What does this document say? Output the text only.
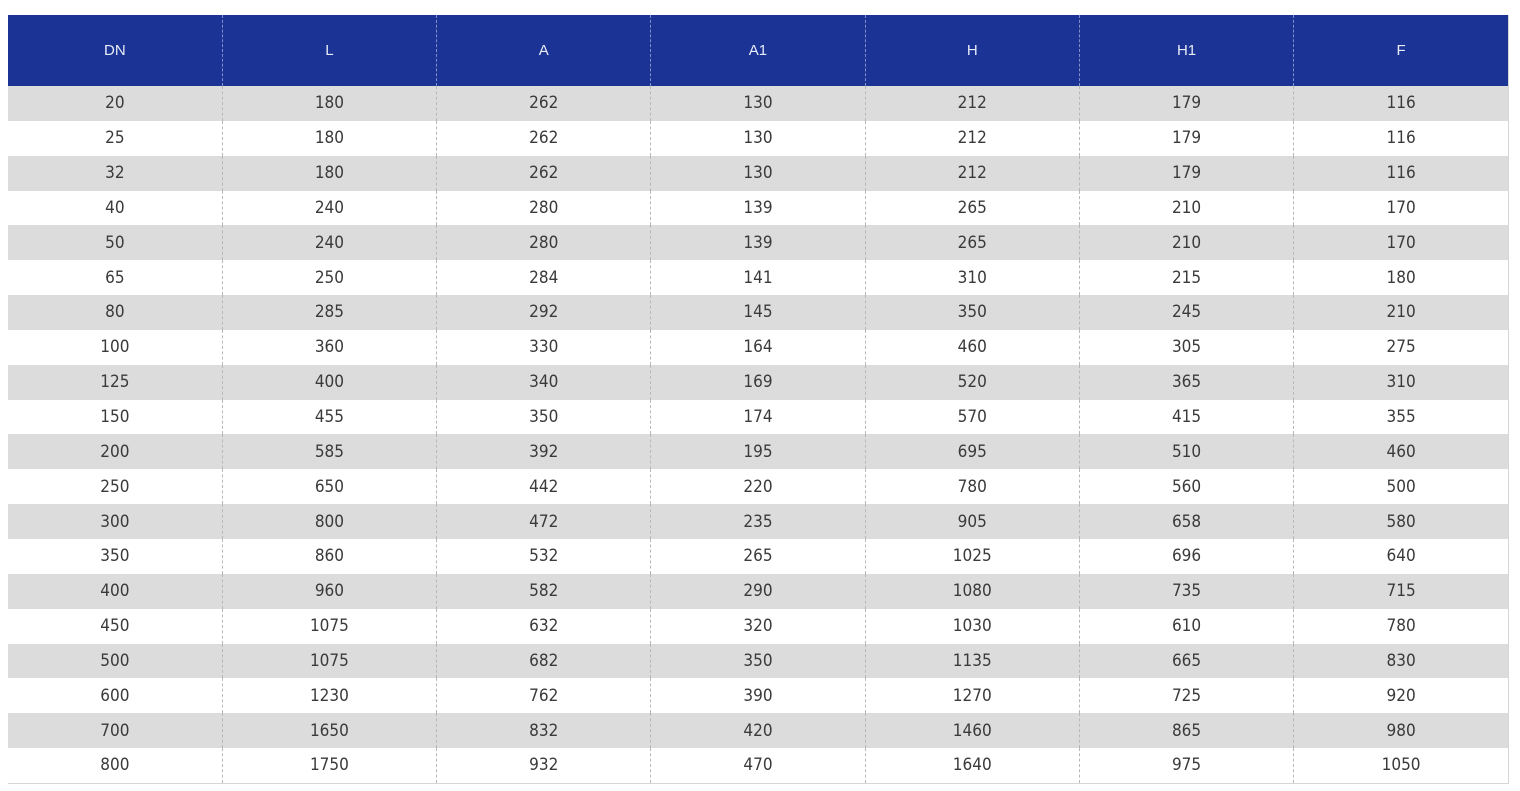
DN	L	A	A1	H	H1	F
20	180	262	130	212	179	116
25	180	262	130	212	179	116
32	180	262	130	212	179	116
40	240	280	139	265	210	170
50	240	280	139	265	210	170
65	250	284	141	310	215	180
80	285	292	145	350	245	210
100	360	330	164	460	305	275
125	400	340	169	520	365	310
150	455	350	174	570	415	355
200	585	392	195	695	510	460
250	650	442	220	780	560	500
300	800	472	235	905	658	580
350	860	532	265	1025	696	640
400	960	582	290	1080	735	715
450	1075	632	320	1030	610	780
500	1075	682	350	1135	665	830
600	1230	762	390	1270	725	920
700	1650	832	420	1460	865	980
800	1750	932	470	1640	975	1050
